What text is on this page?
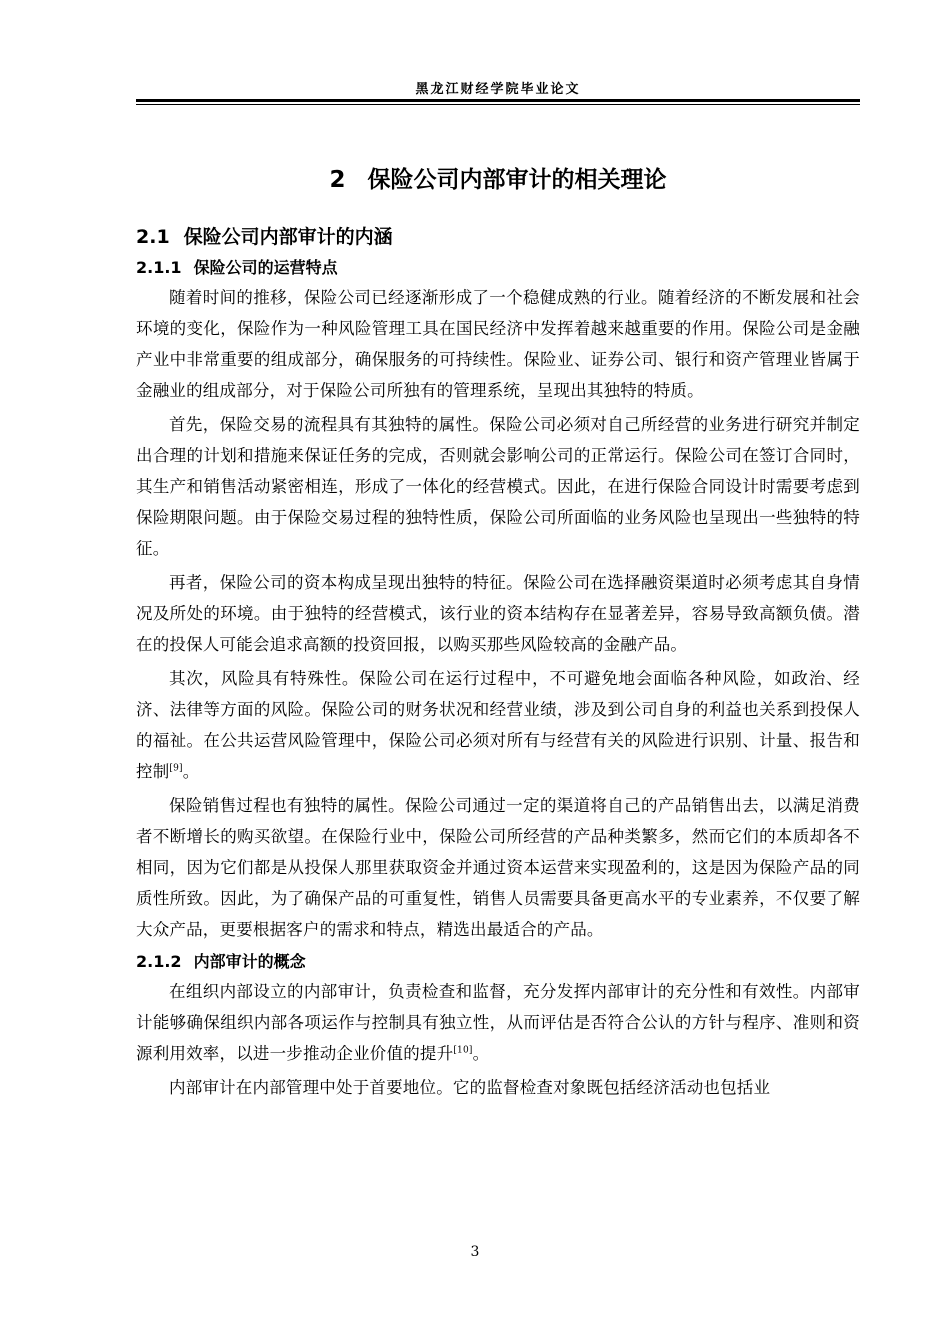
黑龙江财经学院毕业论文
2 保险公司内部审计的相关理论
2.1 保险公司内部审计的内涵
2.1.1 保险公司的运营特点

随着时间的推移，保险公司已经逐渐形成了一个稳健成熟的行业。随着经济的不断发展和社会环境的变化，保险作为一种风险管理工具在国民经济中发挥着越来越重要的作用。保险公司是金融产业中非常重要的组成部分，确保服务的可持续性。保险业、证券公司、银行和资产管理业皆属于金融业的组成部分，对于保险公司所独有的管理系统，呈现出其独特的特质。

首先，保险交易的流程具有其独特的属性。保险公司必须对自己所经营的业务进行研究并制定出合理的计划和措施来保证任务的完成，否则就会影响公司的正常运行。保险公司在签订合同时，其生产和销售活动紧密相连，形成了一体化的经营模式。因此，在进行保险合同设计时需要考虑到保险期限问题。由于保险交易过程的独特性质，保险公司所面临的业务风险也呈现出一些独特的特征。

再者，保险公司的资本构成呈现出独特的特征。保险公司在选择融资渠道时必须考虑其自身情况及所处的环境。由于独特的经营模式，该行业的资本结构存在显著差异，容易导致高额负债。潜在的投保人可能会追求高额的投资回报，以购买那些风险较高的金融产品。

其次，风险具有特殊性。保险公司在运行过程中，不可避免地会面临各种风险，如政治、经济、法律等方面的风险。保险公司的财务状况和经营业绩，涉及到公司自身的利益也关系到投保人的福祉。在公共运营风险管理中，保险公司必须对所有与经营有关的风险进行识别、计量、报告和控制[9]。

保险销售过程也有独特的属性。保险公司通过一定的渠道将自己的产品销售出去，以满足消费者不断增长的购买欲望。在保险行业中，保险公司所经营的产品种类繁多，然而它们的本质却各不相同，因为它们都是从投保人那里获取资金并通过资本运营来实现盈利的，这是因为保险产品的同质性所致。因此，为了确保产品的可重复性，销售人员需要具备更高水平的专业素养，不仅要了解大众产品，更要根据客户的需求和特点，精选出最适合的产品。

2.1.2 内部审计的概念

在组织内部设立的内部审计，负责检查和监督，充分发挥内部审计的充分性和有效性。内部审计能够确保组织内部各项运作与控制具有独立性，从而评估是否符合公认的方针与程序、准则和资源利用效率，以进一步推动企业价值的提升[10]。

内部审计在内部管理中处于首要地位。它的监督检查对象既包括经济活动也包括业

3
